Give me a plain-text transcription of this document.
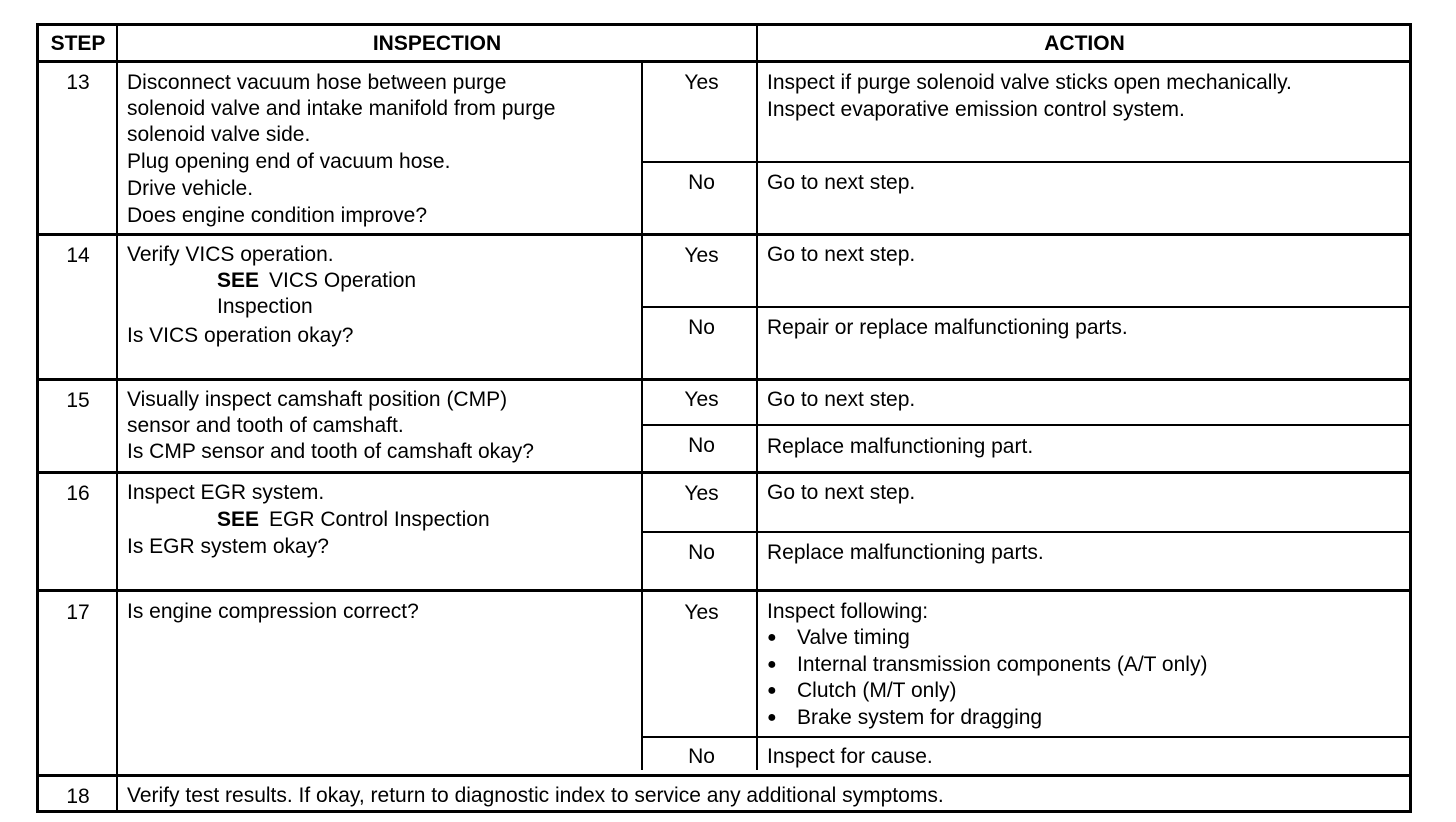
STEP	INSPECTION	ACTION
13	Disconnect vacuum hose between purge
solenoid valve and intake manifold from purge
solenoid valve side.
Plug opening end of vacuum hose.
Drive vehicle.
Does engine condition improve?
Yes	Inspect if purge solenoid valve sticks open mechanically.
Inspect evaporative emission control system.
No	Go to next step.
14	Verify VICS operation.
SEE VICS Operation
Inspection
Is VICS operation okay?
Yes	Go to next step.
No	Repair or replace malfunctioning parts.
15	Visually inspect camshaft position (CMP)
sensor and tooth of camshaft.
Is CMP sensor and tooth of camshaft okay?
Yes	Go to next step.
No	Replace malfunctioning part.
16	Inspect EGR system.
SEE EGR Control Inspection
Is EGR system okay?
Yes	Go to next step.
No	Replace malfunctioning parts.
17	Is engine compression correct?	Yes	Inspect following:
● Valve timing
● Internal transmission components (A/T only)
● Clutch (M/T only)
● Brake system for dragging
No	Inspect for cause.
18	Verify test results. If okay, return to diagnostic index to service any additional symptoms.
